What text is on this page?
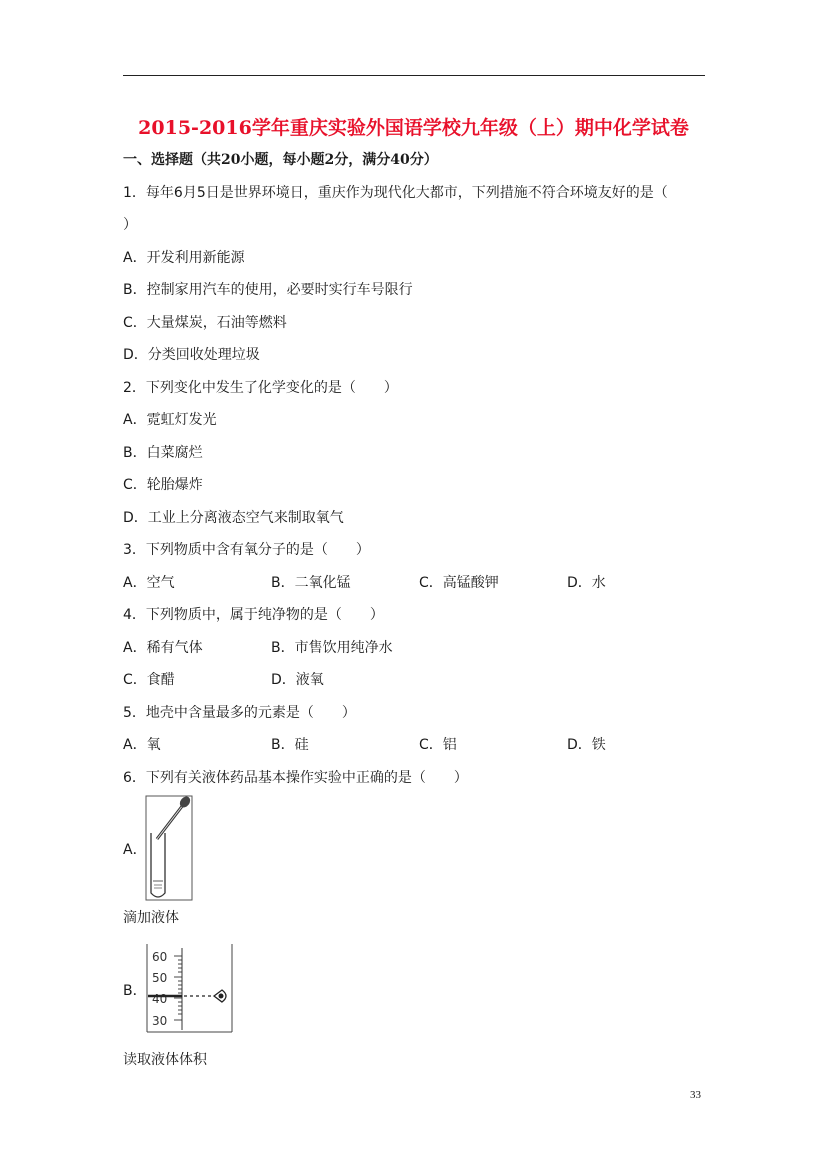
2015-2016学年重庆实验外国语学校九年级（上）期中化学试卷
一、选择题（共20小题，每小题2分，满分40分）
1．每年6月5日是世界环境日，重庆作为现代化大都市，下列措施不符合环境友好的是（
）
A．开发利用新能源
B．控制家用汽车的使用，必要时实行车号限行
C．大量煤炭，石油等燃料
D．分类回收处理垃圾
2．下列变化中发生了化学变化的是（　　）
A．霓虹灯发光
B．白菜腐烂
C．轮胎爆炸
D．工业上分离液态空气来制取氧气
3．下列物质中含有氧分子的是（　　）
A．空气	B．二氧化锰	C．高锰酸钾	D．水
4．下列物质中，属于纯净物的是（　　）
A．稀有气体	B．市售饮用纯净水
C．食醋	D．液氧
5．地壳中含量最多的元素是（　　）
A．氧	B．硅	C．铝	D．铁
6．下列有关液体药品基本操作实验中正确的是（　　）
A．
滴加液体
B．
60
50
40
30
读取液体体积
33
